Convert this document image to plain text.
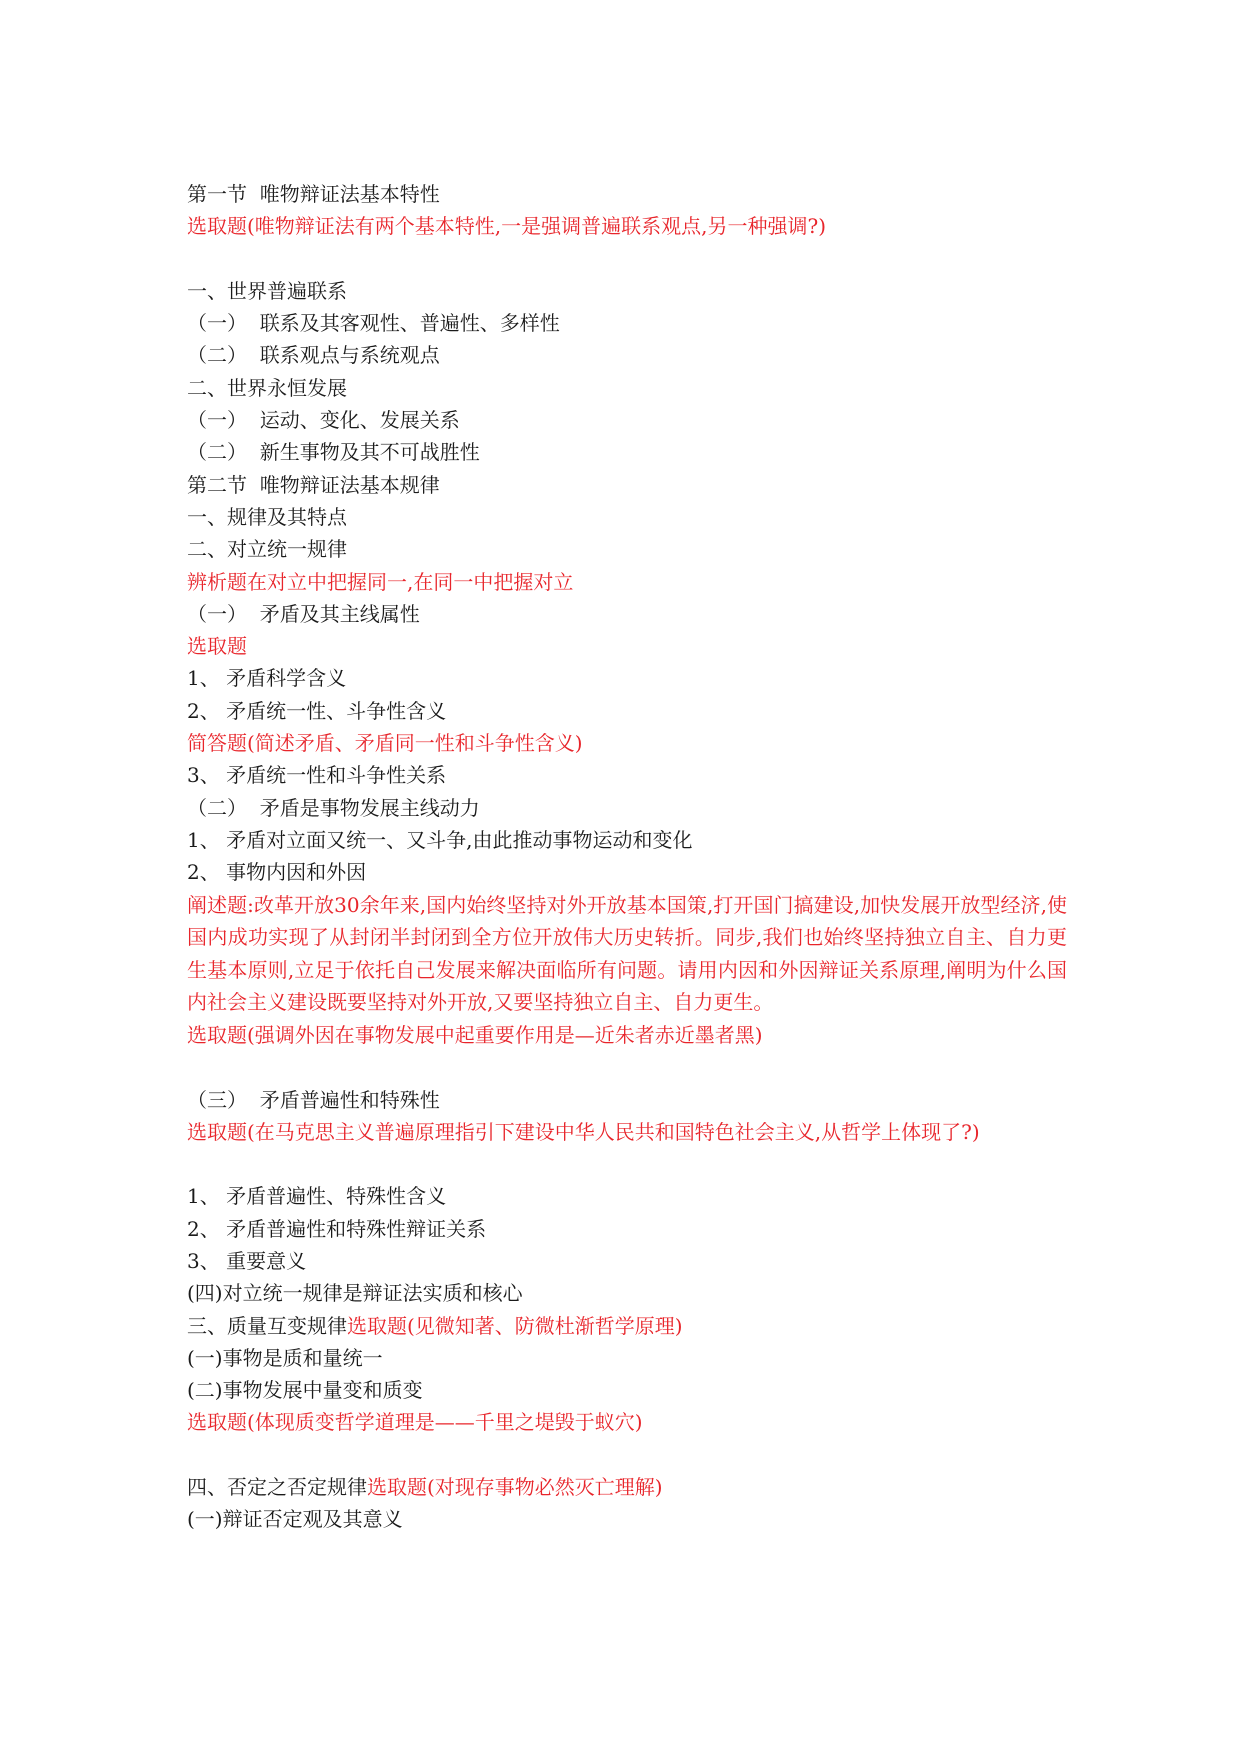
第一节  唯物辩证法基本特性
选取题(唯物辩证法有两个基本特性,一是强调普遍联系观点,另一种强调?)
一、世界普遍联系
（一）  联系及其客观性、普遍性、多样性
（二）  联系观点与系统观点
二、世界永恒发展
（一）  运动、变化、发展关系
（二）  新生事物及其不可战胜性
第二节  唯物辩证法基本规律
一、规律及其特点
二、对立统一规律
辨析题在对立中把握同一,在同一中把握对立
（一）  矛盾及其主线属性
选取题
1、 矛盾科学含义
2、 矛盾统一性、斗争性含义
简答题(简述矛盾、矛盾同一性和斗争性含义)
3、 矛盾统一性和斗争性关系
（二）  矛盾是事物发展主线动力
1、 矛盾对立面又统一、又斗争,由此推动事物运动和变化
2、 事物内因和外因
阐述题:改革开放30余年来,国内始终坚持对外开放基本国策,打开国门搞建设,加快发展开放型经济,使国内成功实现了从封闭半封闭到全方位开放伟大历史转折。同步,我们也始终坚持独立自主、自力更生基本原则,立足于依托自己发展来解决面临所有问题。请用内因和外因辩证关系原理,阐明为什么国内社会主义建设既要坚持对外开放,又要坚持独立自主、自力更生。
选取题(强调外因在事物发展中起重要作用是—近朱者赤近墨者黑)
（三）  矛盾普遍性和特殊性
选取题(在马克思主义普遍原理指引下建设中华人民共和国特色社会主义,从哲学上体现了?)
1、 矛盾普遍性、特殊性含义
2、 矛盾普遍性和特殊性辩证关系
3、 重要意义
(四)对立统一规律是辩证法实质和核心
三、质量互变规律选取题(见微知著、防微杜渐哲学原理)
(一)事物是质和量统一
(二)事物发展中量变和质变
选取题(体现质变哲学道理是——千里之堤毁于蚁穴)
四、否定之否定规律选取题(对现存事物必然灭亡理解)
(一)辩证否定观及其意义
